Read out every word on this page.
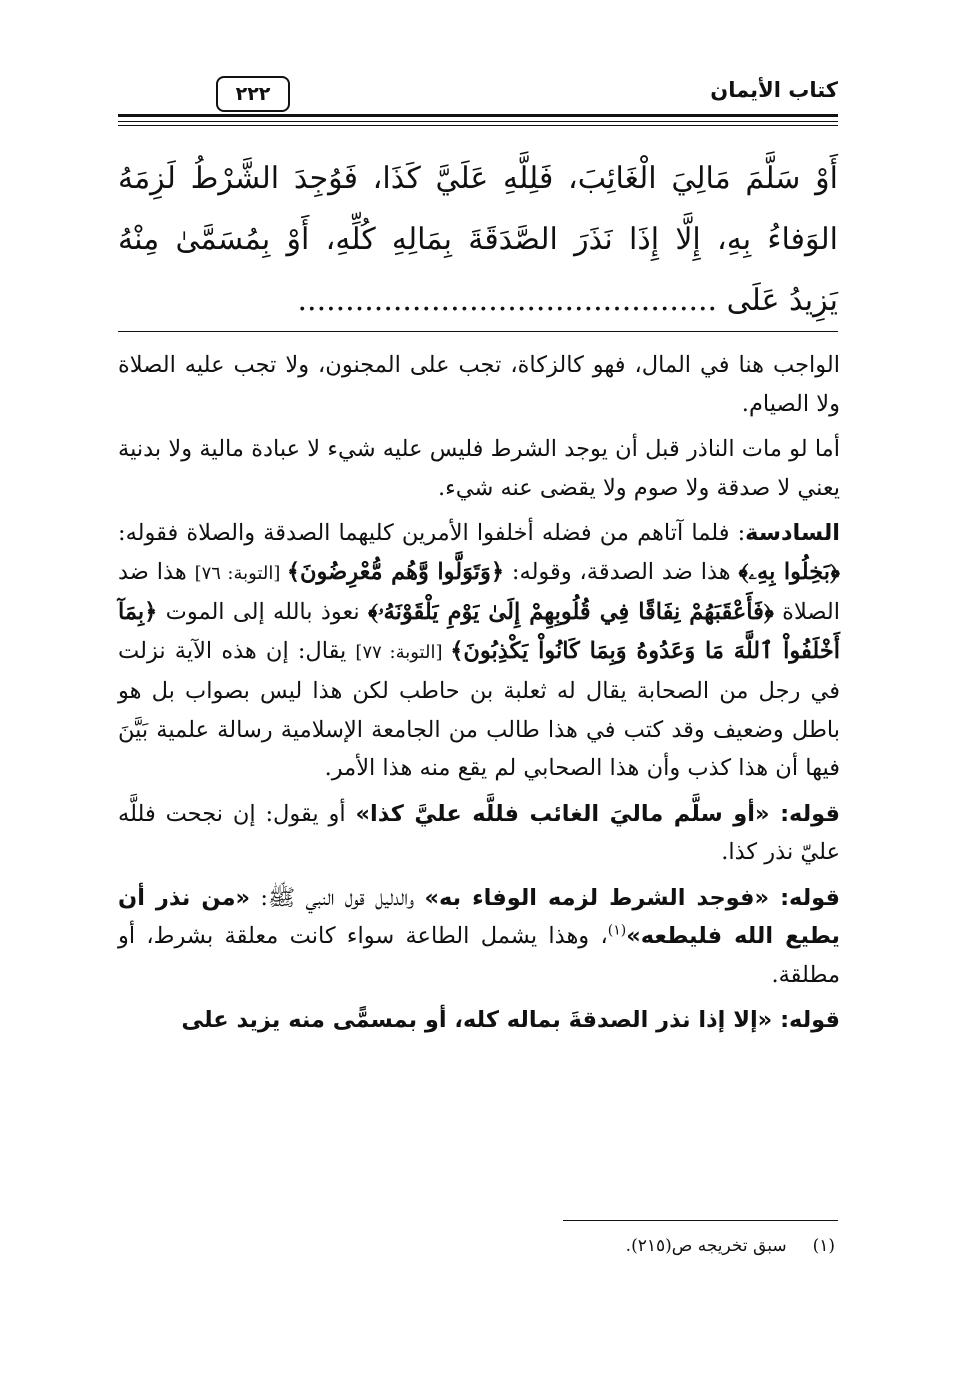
كتاب الأيمان
٢٢٢
أَوْ سَلَّمَ مَالِيَ الْغَائِبَ، فَلِلَّهِ عَلَيَّ كَذَا، فَوُجِدَ الشَّرْطُ لَزِمَهُ
الوَفاءُ بِهِ، إِلَّا إِذَا نَذَرَ الصَّدَقَةَ بِمَالِهِ كُلِّهِ، أَوْ بِمُسَمَّىٰ مِنْهُ
يَزِيدُ عَلَى ............................................

الواجب هنا في المال، فهو كالزكاة، تجب على المجنون، ولا تجب عليه الصلاة ولا الصيام.

أما لو مات الناذر قبل أن يوجد الشرط فليس عليه شيء لا عبادة مالية ولا بدنية يعني لا صدقة ولا صوم ولا يقضى عنه شيء.

السادسة: فلما آتاهم من فضله أخلفوا الأمرين كليهما الصدقة والصلاة فقوله: ﴿بَخِلُوا بِهِۦ﴾ هذا ضد الصدقة، وقوله: ﴿وَتَوَلَّوا وَّهُم مُّعْرِضُونَ﴾ [التوبة: ٧٦] هذا ضد الصلاة ﴿فَأَعْقَبَهُمْ نِفَاقًا فِي قُلُوبِهِمْ إِلَىٰ يَوْمِ يَلْقَوْنَهُۥ﴾ نعوذ بالله إلى الموت ﴿بِمَآ أَخْلَفُواْ ٱللَّهَ مَا وَعَدُوهُ وَبِمَا كَانُواْ يَكْذِبُونَ﴾ [التوبة: ٧٧] يقال: إن هذه الآية نزلت في رجل من الصحابة يقال له ثعلبة بن حاطب لكن هذا ليس بصواب بل هو باطل وضعيف وقد كتب في هذا طالب من الجامعة الإسلامية رسالة علمية بَيَّنَ فيها أن هذا كذب وأن هذا الصحابي لم يقع منه هذا الأمر.

قوله: «أو سلَّم ماليَ الغائب فللَّه عليَّ كذا» أو يقول: إن نجحت فللَّه عليّ نذر كذا.

قوله: «فوجد الشرط لزمه الوفاء به» والدليل قول النبي ﷺ: «من نذر أن يطيع الله فليطعه»$^{(١)}$، وهذا يشمل الطاعة سواء كانت معلقة بشرط، أو مطلقة.

قوله: «إلا إذا نذر الصدقةَ بماله كله، أو بمسمًّى منه يزيد على

(١)سبق تخريجه ص(٢١٥).
